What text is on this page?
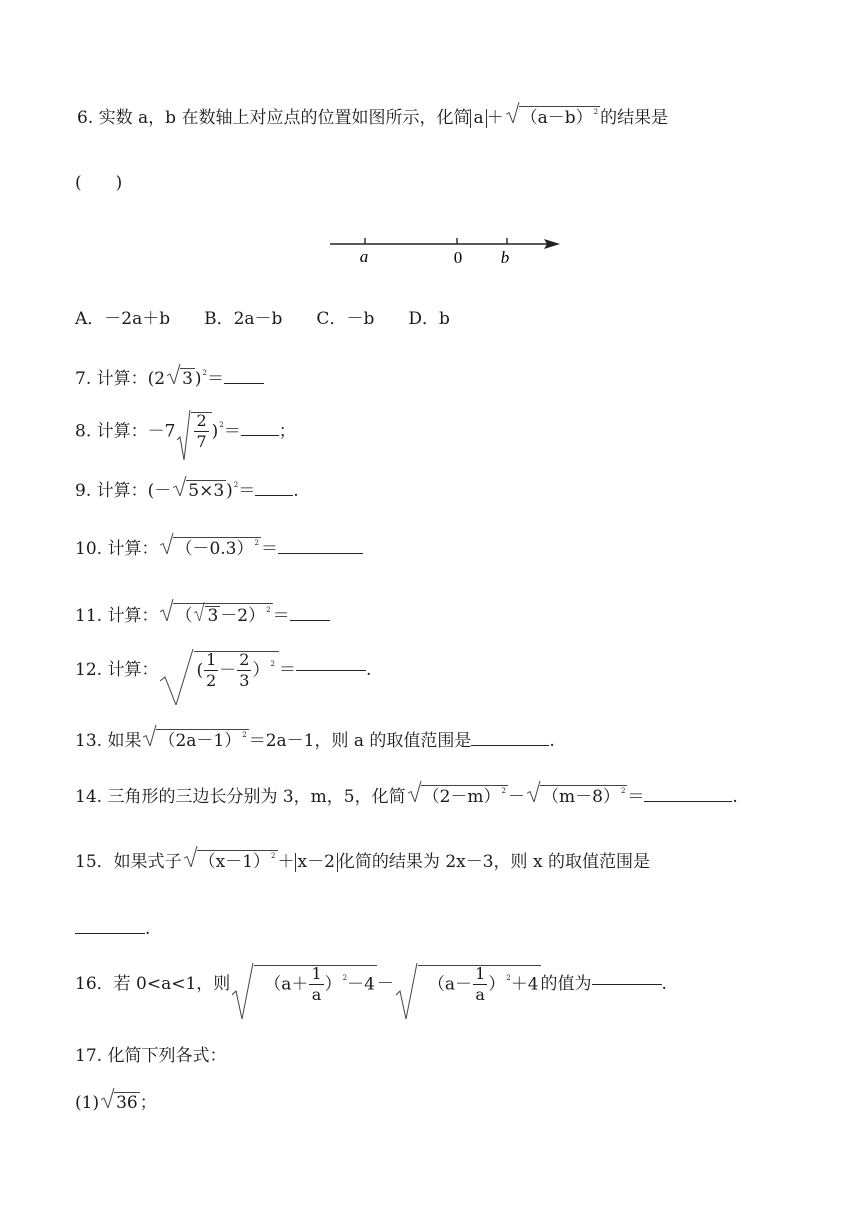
6. 实数 a，b 在数轴上对应点的位置如图所示，化简 $a + (a-b)^2$ 的结果是
(　　)
a	0 b
A．－2a＋b　　B．2a－b　　C．－b　　D．b
7. 计算：(2 3 )$^2$＝
8. 计算：$-7 \frac{2}{7} )^2=$ ；
9. 计算：(－ 5×3 )$^2$＝ .
10. 计算： $(-0.3)^2$ ＝
11. 计算： （ 3 －2）$^2$ ＝
12. 计算： ( $\frac{1}{2} - \frac{2}{3} )^2$ ＝	.
13. 如果 $(2a-1)^2 =2a-1$，则 a 的取值范围是	.
14. 三角形的三边长分别为 3，m，5，化简 $(2-m)^2 - (m-8)^2$ ＝	.
15．如果式子 $(x-1)^2 + x-2$ 化简的结果为 2x－3，则 x 的取值范围是
.
16．若 0<a<1，则 $(a+ \frac{1}{a} )^2-4 - (a- \frac{1}{a} )^2+4$ 的值为	.
17. 化简下列各式：
(1) 36 ；
